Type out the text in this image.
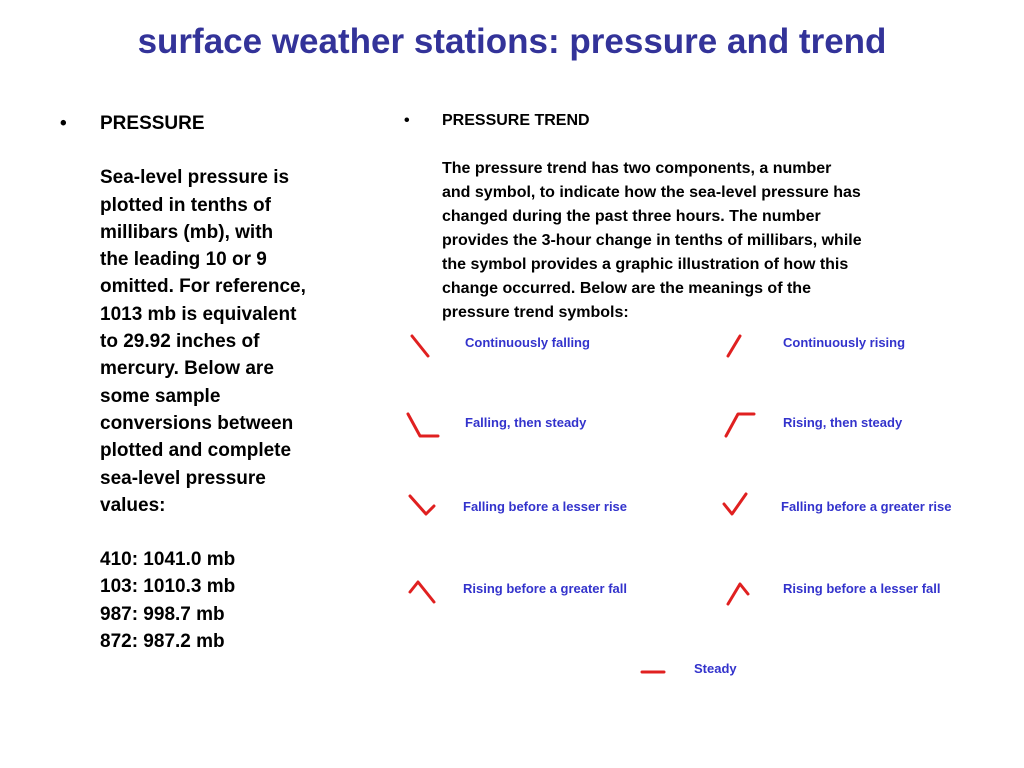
surface weather stations: pressure and trend
• PRESSURE
Sea-level pressure is
plotted in tenths of
millibars (mb), with
the leading 10 or 9
omitted. For reference,
1013 mb is equivalent
to 29.92 inches of
mercury. Below are
some sample
conversions between
plotted and complete
sea-level pressure
values:
410: 1041.0 mb
103: 1010.3 mb
987: 998.7 mb
872: 987.2 mb
• PRESSURE TREND
The pressure trend has two components, a number
and symbol, to indicate how the sea-level pressure has
changed during the past three hours. The number
provides the 3-hour change in tenths of millibars, while
the symbol provides a graphic illustration of how this
change occurred. Below are the meanings of the
pressure trend symbols:
Continuously falling	Continuously rising
Falling, then steady	Rising, then steady
Falling before a lesser rise	Falling before a greater rise
Rising before a greater fall	Rising before a lesser fall
Steady
